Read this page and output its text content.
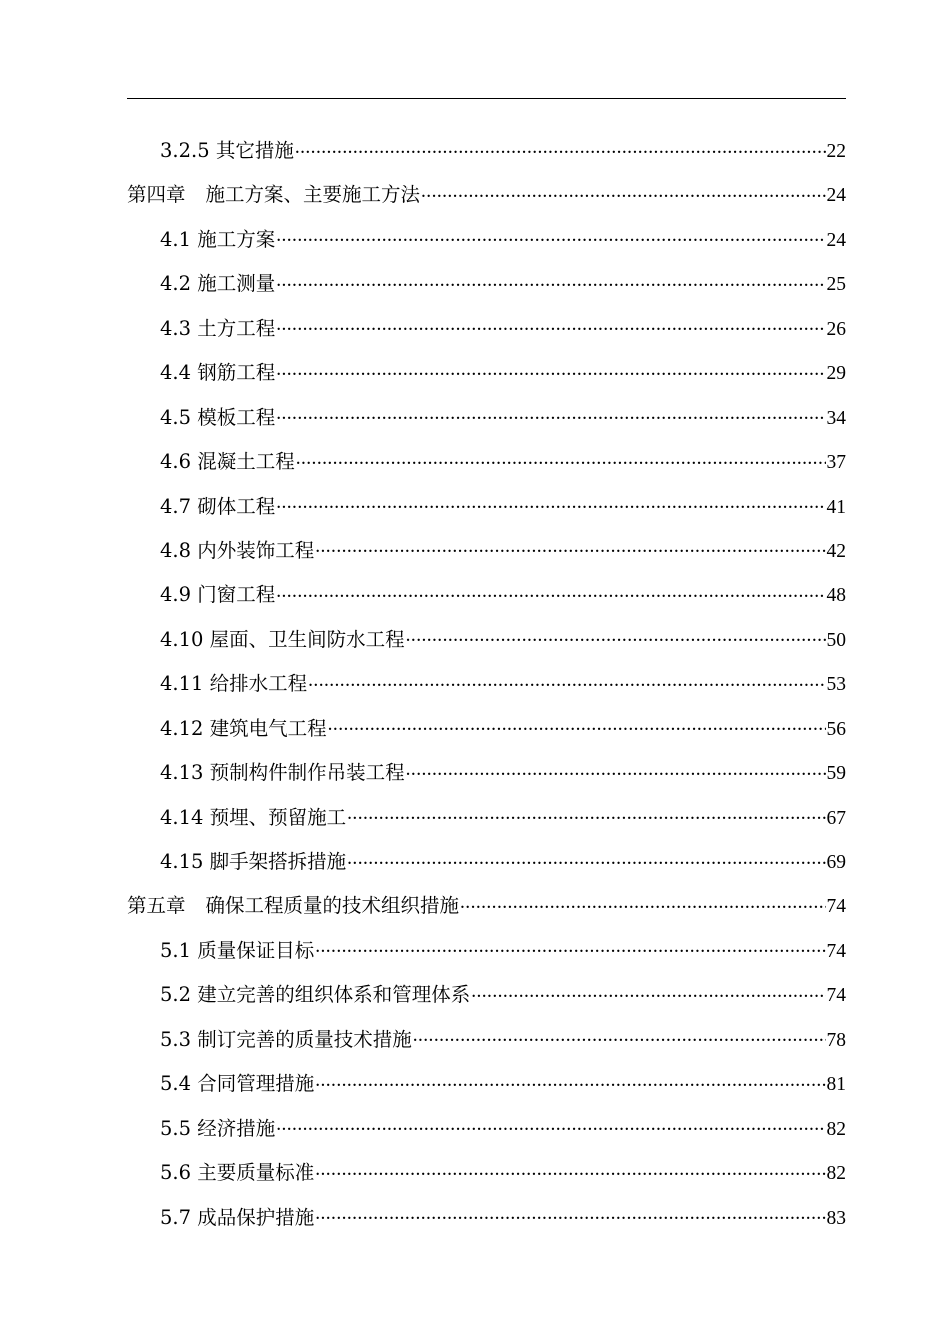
3.2.5 其它措施 .....	22
第四章 施工方案、主要施工方法 .....	24
4.1 施工方案 .....	24
4.2 施工测量 .....	25
4.3 土方工程 .....	26
4.4 钢筋工程 .....	29
4.5 模板工程 .....	34
4.6 混凝土工程 .....	37
4.7 砌体工程 .....	41
4.8 内外装饰工程 .....	42
4.9 门窗工程 .....	48
4.10 屋面、卫生间防水工程 .....	50
4.11 给排水工程 .....	53
4.12 建筑电气工程 .....	56
4.13 预制构件制作吊装工程 .....	59
4.14 预埋、预留施工 .....	67
4.15 脚手架搭拆措施 .....	69
第五章 确保工程质量的技术组织措施 .....	74
5.1 质量保证目标 .....	74
5.2 建立完善的组织体系和管理体系 .....	74
5.3 制订完善的质量技术措施 .....	78
5.4 合同管理措施 .....	81
5.5 经济措施 .....	82
5.6 主要质量标准 .....	82
5.7 成品保护措施 .....	83
